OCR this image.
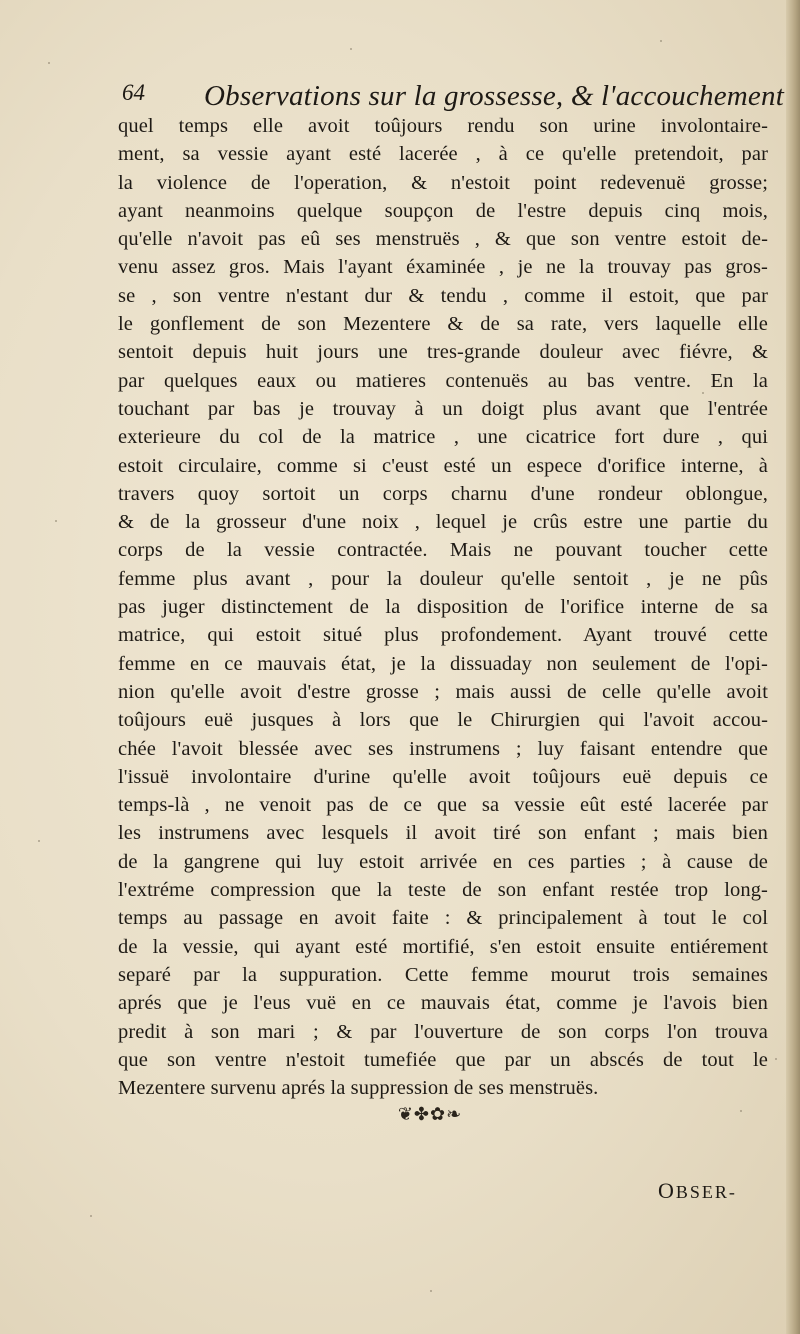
64 Observations sur la grossesse, & l'accouchement
quel temps elle avoit toûjours rendu son urine involontaire-
ment, sa vessie ayant esté lacerée , à ce qu'elle pretendoit, par
la violence de l'operation, & n'estoit point redevenuë grosse;
ayant neanmoins quelque soupçon de l'estre depuis cinq mois,
qu'elle n'avoit pas eû ses menstruës , & que son ventre estoit de-
venu assez gros. Mais l'ayant éxaminée , je ne la trouvay pas gros-
se , son ventre n'estant dur & tendu , comme il estoit, que par
le gonflement de son Mezentere & de sa rate, vers laquelle elle
sentoit depuis huit jours une tres-grande douleur avec fiévre, &
par quelques eaux ou matieres contenuës au bas ventre. En la
touchant par bas je trouvay à un doigt plus avant que l'entrée
exterieure du col de la matrice , une cicatrice fort dure , qui
estoit circulaire, comme si c'eust esté un espece d'orifice interne, à
travers quoy sortoit un corps charnu d'une rondeur oblongue,
& de la grosseur d'une noix , lequel je crûs estre une partie du
corps de la vessie contractée. Mais ne pouvant toucher cette
femme plus avant , pour la douleur qu'elle sentoit , je ne pûs
pas juger distinctement de la disposition de l'orifice interne de sa
matrice, qui estoit situé plus profondement. Ayant trouvé cette
femme en ce mauvais état, je la dissuaday non seulement de l'opi-
nion qu'elle avoit d'estre grosse ; mais aussi de celle qu'elle avoit
toûjours euë jusques à lors que le Chirurgien qui l'avoit accou-
chée l'avoit blessée avec ses instrumens ; luy faisant entendre que
l'issuë involontaire d'urine qu'elle avoit toûjours euë depuis ce
temps-là , ne venoit pas de ce que sa vessie eût esté lacerée par
les instrumens avec lesquels il avoit tiré son enfant ; mais bien
de la gangrene qui luy estoit arrivée en ces parties ; à cause de
l'extréme compression que la teste de son enfant restée trop long-
temps au passage en avoit faite : & principalement à tout le col
de la vessie, qui ayant esté mortifié, s'en estoit ensuite entiérement
separé par la suppuration. Cette femme mourut trois semaines
aprés que je l'eus vuë en ce mauvais état, comme je l'avois bien
predit à son mari ; & par l'ouverture de son corps l'on trouva
que son ventre n'estoit tumefiée que par un abscés de tout le
Mezentere survenu aprés la suppression de ses menstruës.
❦✤✿❧
OBSER-
